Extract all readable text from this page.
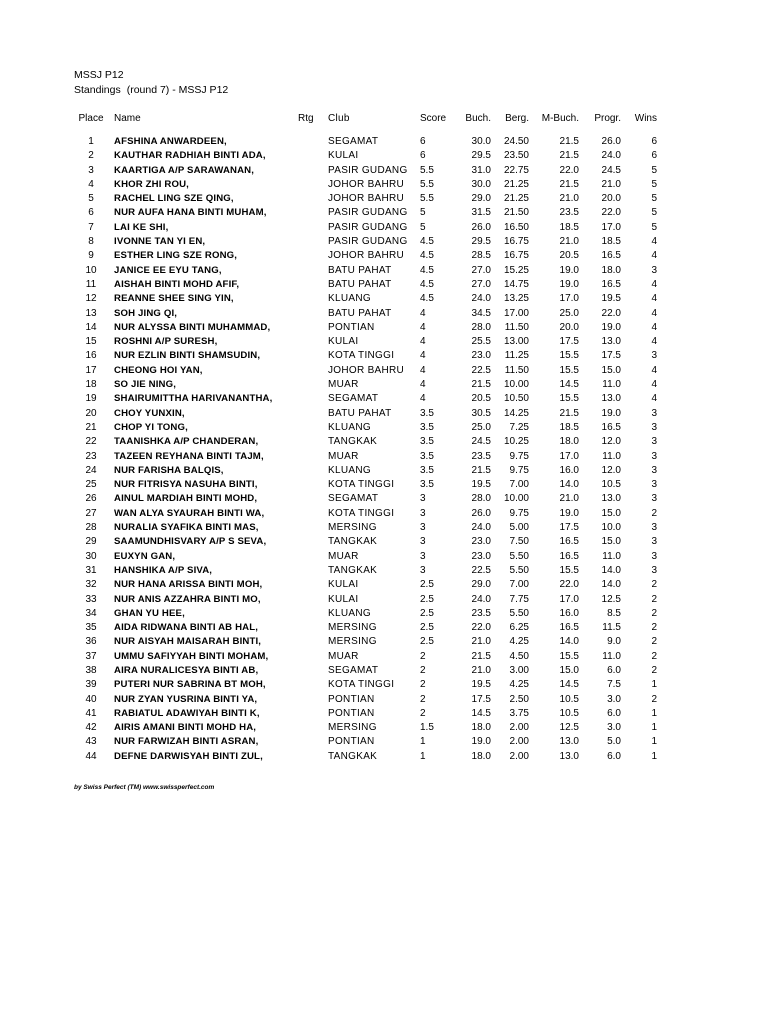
MSSJ P12
Standings (round 7) - MSSJ P12
Place	Name	Rtg	Club	Score	Buch.	Berg.	M-Buch.	Progr.	Wins
1	AFSHINA ANWARDEEN,		SEGAMAT	6	30.0	24.50	21.5	26.0	6
2	KAUTHAR RADHIAH BINTI ADA,		KULAI	6	29.5	23.50	21.5	24.0	6
3	KAARTIGA A/P SARAWANAN,		PASIR GUDANG	5.5	31.0	22.75	22.0	24.5	5
4	KHOR ZHI ROU,		JOHOR BAHRU	5.5	30.0	21.25	21.5	21.0	5
5	RACHEL LING SZE QING,		JOHOR BAHRU	5.5	29.0	21.25	21.0	20.0	5
6	NUR AUFA HANA BINTI MUHAM,		PASIR GUDANG	5	31.5	21.50	23.5	22.0	5
7	LAI KE SHI,		PASIR GUDANG	5	26.0	16.50	18.5	17.0	5
8	IVONNE TAN YI EN,		PASIR GUDANG	4.5	29.5	16.75	21.0	18.5	4
9	ESTHER LING SZE RONG,		JOHOR BAHRU	4.5	28.5	16.75	20.5	16.5	4
10	JANICE EE EYU TANG,		BATU PAHAT	4.5	27.0	15.25	19.0	18.0	3
11	AISHAH BINTI MOHD AFIF,		BATU PAHAT	4.5	27.0	14.75	19.0	16.5	4
12	REANNE SHEE SING YIN,		KLUANG	4.5	24.0	13.25	17.0	19.5	4
13	SOH JING QI,		BATU PAHAT	4	34.5	17.00	25.0	22.0	4
14	NUR ALYSSA BINTI MUHAMMAD,		PONTIAN	4	28.0	11.50	20.0	19.0	4
15	ROSHNI A/P SURESH,		KULAI	4	25.5	13.00	17.5	13.0	4
16	NUR EZLIN BINTI SHAMSUDIN,		KOTA TINGGI	4	23.0	11.25	15.5	17.5	3
17	CHEONG HOI YAN,		JOHOR BAHRU	4	22.5	11.50	15.5	15.0	4
18	SO JIE NING,		MUAR	4	21.5	10.00	14.5	11.0	4
19	SHAIRUMITTHA HARIVANANTHA,		SEGAMAT	4	20.5	10.50	15.5	13.0	4
20	CHOY YUNXIN,		BATU PAHAT	3.5	30.5	14.25	21.5	19.0	3
21	CHOP YI TONG,		KLUANG	3.5	25.0	7.25	18.5	16.5	3
22	TAANISHKA A/P CHANDERAN,		TANGKAK	3.5	24.5	10.25	18.0	12.0	3
23	TAZEEN REYHANA BINTI TAJM,		MUAR	3.5	23.5	9.75	17.0	11.0	3
24	NUR FARISHA BALQIS,		KLUANG	3.5	21.5	9.75	16.0	12.0	3
25	NUR FITRISYA NASUHA BINTI,		KOTA TINGGI	3.5	19.5	7.00	14.0	10.5	3
26	AINUL MARDIAH BINTI MOHD,		SEGAMAT	3	28.0	10.00	21.0	13.0	3
27	WAN ALYA SYAURAH BINTI WA,		KOTA TINGGI	3	26.0	9.75	19.0	15.0	2
28	NURALIA SYAFIKA BINTI MAS,		MERSING	3	24.0	5.00	17.5	10.0	3
29	SAAMUNDHISVARY A/P S SEVA,		TANGKAK	3	23.0	7.50	16.5	15.0	3
30	EUXYN GAN,		MUAR	3	23.0	5.50	16.5	11.0	3
31	HANSHIKA A/P SIVA,		TANGKAK	3	22.5	5.50	15.5	14.0	3
32	NUR HANA ARISSA BINTI MOH,		KULAI	2.5	29.0	7.00	22.0	14.0	2
33	NUR ANIS AZZAHRA BINTI MO,		KULAI	2.5	24.0	7.75	17.0	12.5	2
34	GHAN YU HEE,		KLUANG	2.5	23.5	5.50	16.0	8.5	2
35	AIDA RIDWANA BINTI AB HAL,		MERSING	2.5	22.0	6.25	16.5	11.5	2
36	NUR AISYAH MAISARAH BINTI,		MERSING	2.5	21.0	4.25	14.0	9.0	2
37	UMMU SAFIYYAH BINTI MOHAM,		MUAR	2	21.5	4.50	15.5	11.0	2
38	AIRA NURALICESYA BINTI AB,		SEGAMAT	2	21.0	3.00	15.0	6.0	2
39	PUTERI NUR SABRINA BT MOH,		KOTA TINGGI	2	19.5	4.25	14.5	7.5	1
40	NUR ZYAN YUSRINA BINTI YA,		PONTIAN	2	17.5	2.50	10.5	3.0	2
41	RABIATUL ADAWIYAH BINTI K,		PONTIAN	2	14.5	3.75	10.5	6.0	1
42	AIRIS AMANI BINTI MOHD HA,		MERSING	1.5	18.0	2.00	12.5	3.0	1
43	NUR FARWIZAH BINTI ASRAN,		PONTIAN	1	19.0	2.00	13.0	5.0	1
44	DEFNE DARWISYAH BINTI ZUL,		TANGKAK	1	18.0	2.00	13.0	6.0	1
by Swiss Perfect (TM) www.swissperfect.com
